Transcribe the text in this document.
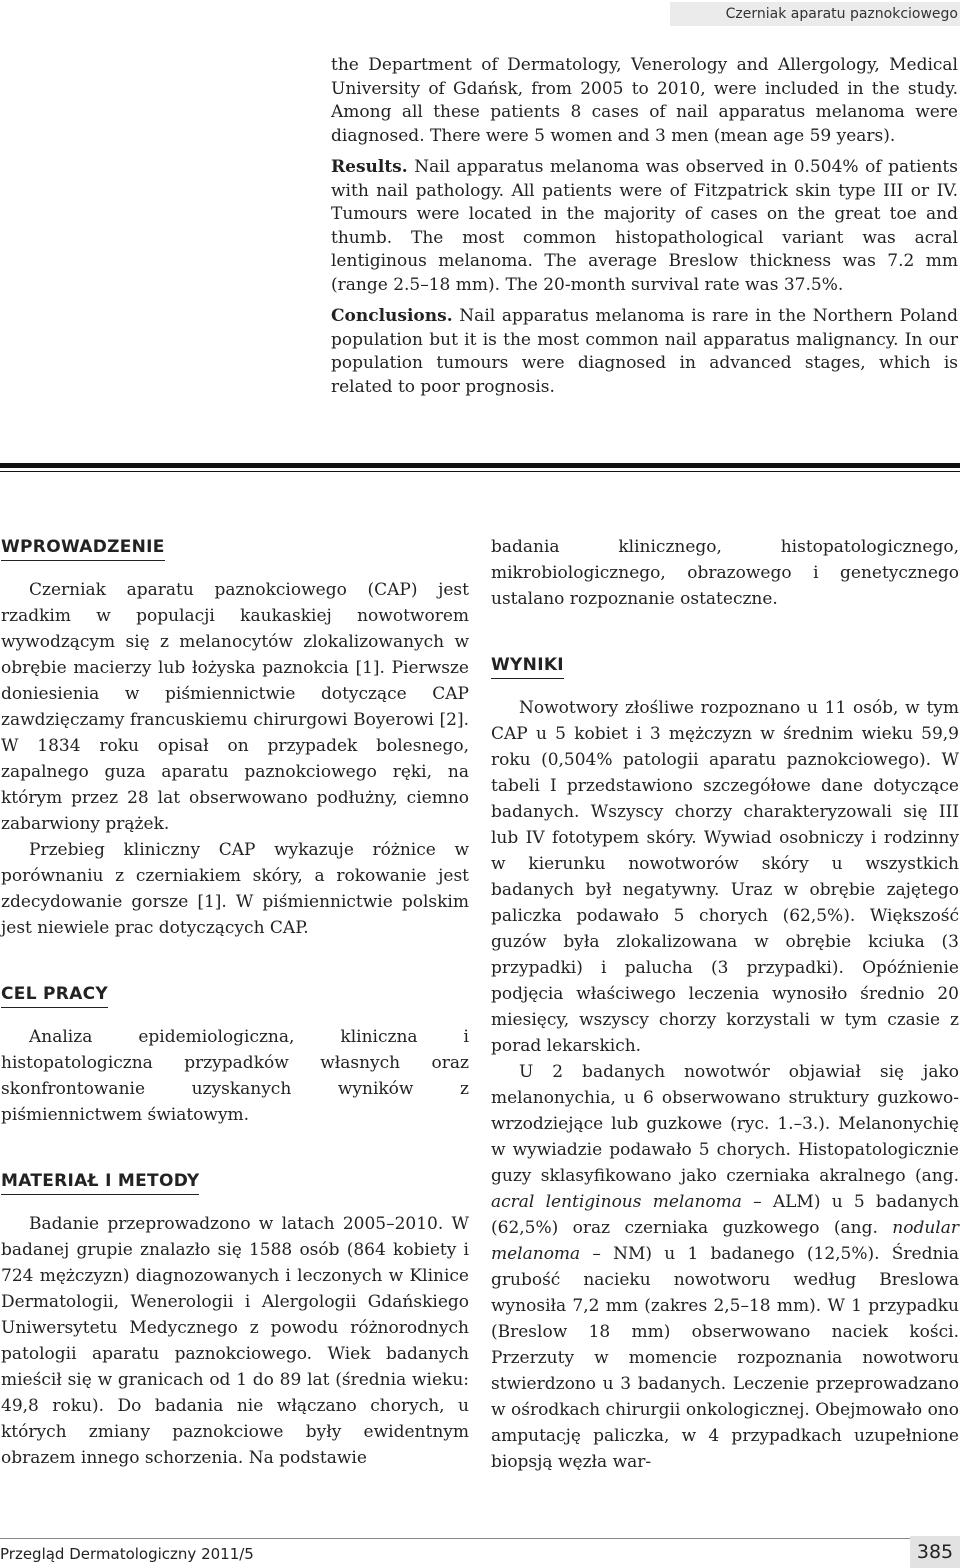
Czerniak aparatu paznokciowego

the Department of Dermatology, Venerology and Allergology, Medical University of Gdańsk, from 2005 to 2010, were included in the study. Among all these patients 8 cases of nail apparatus melanoma were diagnosed. There were 5 women and 3 men (mean age 59 years).

Results. Nail apparatus melanoma was observed in 0.504% of patients with nail pathology. All patients were of Fitzpatrick skin type III or IV. Tumours were located in the majority of cases on the great toe and thumb. The most common histopathological variant was acral lentiginous melanoma. The average Breslow thickness was 7.2 mm (range 2.5–18 mm). The 20-month survival rate was 37.5%.

Conclusions. Nail apparatus melanoma is rare in the Northern Poland population but it is the most common nail apparatus malignancy. In our population tumours were diagnosed in advanced stages, which is related to poor prognosis.

WPROWADZENIE

Czerniak aparatu paznokciowego (CAP) jest rzadkim w populacji kaukaskiej nowotworem wywodzącym się z melanocytów zlokalizowanych w obrębie macierzy lub łożyska paznokcia [1]. Pierwsze doniesienia w piśmiennictwie dotyczące CAP zawdzięczamy francuskiemu chirurgowi Boyerowi [2]. W 1834 roku opisał on przypadek bolesnego, zapalnego guza aparatu paznokciowego ręki, na którym przez 28 lat obserwowano podłużny, ciemno zabarwiony prążek.

Przebieg kliniczny CAP wykazuje różnice w porównaniu z czerniakiem skóry, a rokowanie jest zdecydowanie gorsze [1]. W piśmiennictwie polskim jest niewiele prac dotyczących CAP.

CEL PRACY

Analiza epidemiologiczna, kliniczna i histopatologiczna przypadków własnych oraz skonfrontowanie uzyskanych wyników z piśmiennictwem światowym.

MATERIAŁ I METODY

Badanie przeprowadzono w latach 2005–2010. W badanej grupie znalazło się 1588 osób (864 kobiety i 724 mężczyzn) diagnozowanych i leczonych w Klinice Dermatologii, Wenerologii i Alergologii Gdańskiego Uniwersytetu Medycznego z powodu różnorodnych patologii aparatu paznokciowego. Wiek badanych mieścił się w granicach od 1 do 89 lat (średnia wieku: 49,8 roku). Do badania nie włączano chorych, u których zmiany paznokciowe były ewidentnym obrazem innego schorzenia. Na podstawie

badania klinicznego, histopatologicznego, mikrobiologicznego, obrazowego i genetycznego ustalano rozpoznanie ostateczne.

WYNIKI

Nowotwory złośliwe rozpoznano u 11 osób, w tym CAP u 5 kobiet i 3 mężczyzn w średnim wieku 59,9 roku (0,504% patologii aparatu paznokciowego). W tabeli I przedstawiono szczegółowe dane dotyczące badanych. Wszyscy chorzy charakteryzowali się III lub IV fototypem skóry. Wywiad osobniczy i rodzinny w kierunku nowotworów skóry u wszystkich badanych był negatywny. Uraz w obrębie zajętego paliczka podawało 5 chorych (62,5%). Większość guzów była zlokalizowana w obrębie kciuka (3 przypadki) i palucha (3 przypadki). Opóźnienie podjęcia właściwego leczenia wynosiło średnio 20 miesięcy, wszyscy chorzy korzystali w tym czasie z porad lekarskich.

U 2 badanych nowotwór objawiał się jako melanonychia, u 6 obserwowano struktury guzkowo-wrzodziejące lub guzkowe (ryc. 1.–3.). Melanonychię w wywiadzie podawało 5 chorych. Histopatologicznie guzy sklasyfikowano jako czerniaka akralnego (ang. acral lentiginous melanoma – ALM) u 5 badanych (62,5%) oraz czerniaka guzkowego (ang. nodular melanoma – NM) u 1 badanego (12,5%). Średnia grubość nacieku nowotworu według Breslowa wynosiła 7,2 mm (zakres 2,5–18 mm). W 1 przypadku (Breslow 18 mm) obserwowano naciek kości. Przerzuty w momencie rozpoznania nowotworu stwierdzono u 3 badanych. Leczenie przeprowadzano w ośrodkach chirurgii onkologicznej. Obejmowało ono amputację paliczka, w 4 przypadkach uzupełnione biopsją węzła war-

Przegląd Dermatologiczny 2011/5	385
